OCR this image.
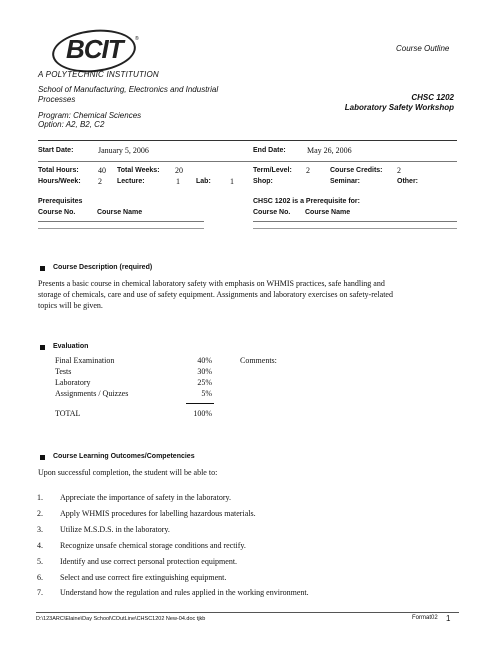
BCIT ®
Course Outline
A POLYTECHNIC INSTITUTION
School of Manufacturing, Electronics and Industrial
Processes
Program: Chemical Sciences
Option: A2, B2, C2
CHSC 1202
Laboratory Safety Workshop
Start Date:	January 5, 2006	End Date:	May 26, 2006
Total Hours: 40 Total Weeks: 20	Term/Level: 2	Course Credits: 2
Hours/Week: 2 Lecture:	1 Lab: 1	Shop:	Seminar:	Other:
Prerequisites	CHSC 1202 is a Prerequisite for:
Course No.	Course Name	Course No. Course Name
Course Description (required)
Presents a basic course in chemical laboratory safety with emphasis on WHMIS practices, safe handling and
storage of chemicals, care and use of safety equipment. Assignments and laboratory exercises on safety-related
topics will be given.
Evaluation
Comments:
Final Examination	40%
Tests	30%
Laboratory	25%
Assignments / Quizzes	5%
TOTAL	100%
Course Learning Outcomes/Competencies
Upon successful completion, the student will be able to:
1. Appreciate the importance of safety in the laboratory.
2. Apply WHMIS procedures for labelling hazardous materials.
3. Utilize M.S.D.S. in the laboratory.
4. Recognize unsafe chemical storage conditions and rectify.
5. Identify and use correct personal protection equipment.
6. Select and use correct fire extinguishing equipment.
7. Understand how the regulation and rules applied in the working environment.
D:\123ARC\Elaine\Day School\COutLine\CHSC1202 New-04.doc tjkb	Format02 1
